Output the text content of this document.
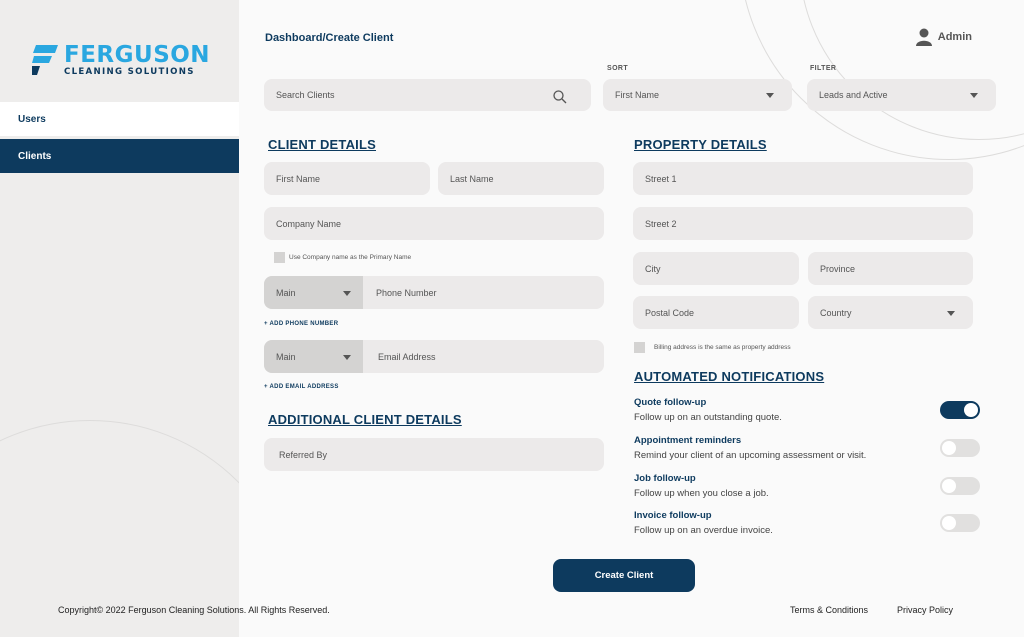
FERGUSON
CLEANING SOLUTIONS
Users
Clients
Dashboard/Create Client	Admin
Search Clients
SORT
First Name
FILTER
Leads and Active
CLIENT DETAILS
First Name	Last Name
Company Name
Use Company name as the Primary Name
Phone Number
Main
+ ADD PHONE NUMBER
Email Address
Main
+ ADD EMAIL ADDRESS
ADDITIONAL CLIENT DETAILS
Referred By
PROPERTY DETAILS
Street 1
Street 2
City	Province
Postal Code	Country
Billing address is the same as property address
AUTOMATED NOTIFICATIONS
Quote follow-up
Follow up on an outstanding quote.
Appointment reminders
Remind your client of an upcoming assessment or visit.
Job follow-up
Follow up when you close a job.
Invoice follow-up
Follow up on an overdue invoice.
Create Client
Terms & Conditions	Privacy Policy
Copyright© 2022 Ferguson Cleaning Solutions. All Rights Reserved.
